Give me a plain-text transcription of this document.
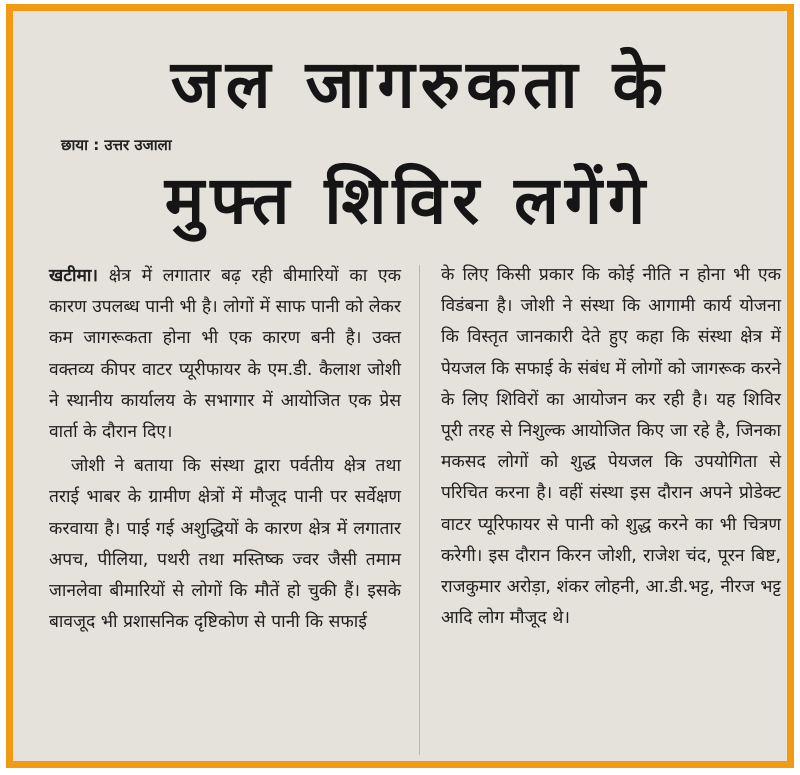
जल जागरुकता के
छाया : उत्तर उजाला
मुफ्त शिविर लगेंगे

खटीमा। क्षेत्र में लगातार बढ़ रही बीमारियों का एक कारण उपलब्ध पानी भी है। लोगों में साफ पानी को लेकर कम जागरूकता होना भी एक कारण बनी है। उक्त वक्तव्य कीपर वाटर प्यूरीफायर के एम.डी. कैलाश जोशी ने स्थानीय कार्यालय के सभागार में आयोजित एक प्रेस वार्ता के दौरान दिए।

जोशी ने बताया कि संस्था द्वारा पर्वतीय क्षेत्र तथा तराई भाबर के ग्रामीण क्षेत्रों में मौजूद पानी पर सर्वेक्षण करवाया है। पाई गई अशुद्धियों के कारण क्षेत्र में लगातार अपच, पीलिया, पथरी तथा मस्तिष्क ज्वर जैसी तमाम जानलेवा बीमारियों से लोगों कि मौतें हो चुकी हैं। इसके बावजूद भी प्रशासनिक दृष्टिकोण से पानी कि सफाई

के लिए किसी प्रकार कि कोई नीति न होना भी एक विडंबना है। जोशी ने संस्था कि आगामी कार्य योजना कि विस्तृत जानकारी देते हुए कहा कि संस्था क्षेत्र में पेयजल कि सफाई के संबंध में लोगों को जागरूक करने के लिए शिविरों का आयोजन कर रही है। यह शिविर पूरी तरह से निशुल्क आयोजित किए जा रहे है, जिनका मकसद लोगों को शुद्ध पेयजल कि उपयोगिता से परिचित करना है। वहीं संस्था इस दौरान अपने प्रोडेक्ट वाटर प्यूरिफायर से पानी को शुद्ध करने का भी चित्रण करेगी। इस दौरान किरन जोशी, राजेश चंद, पूरन बिष्ट, राजकुमार अरोड़ा, शंकर लोहनी, आ.डी.भट्ट, नीरज भट्ट आदि लोग मौजूद थे।
